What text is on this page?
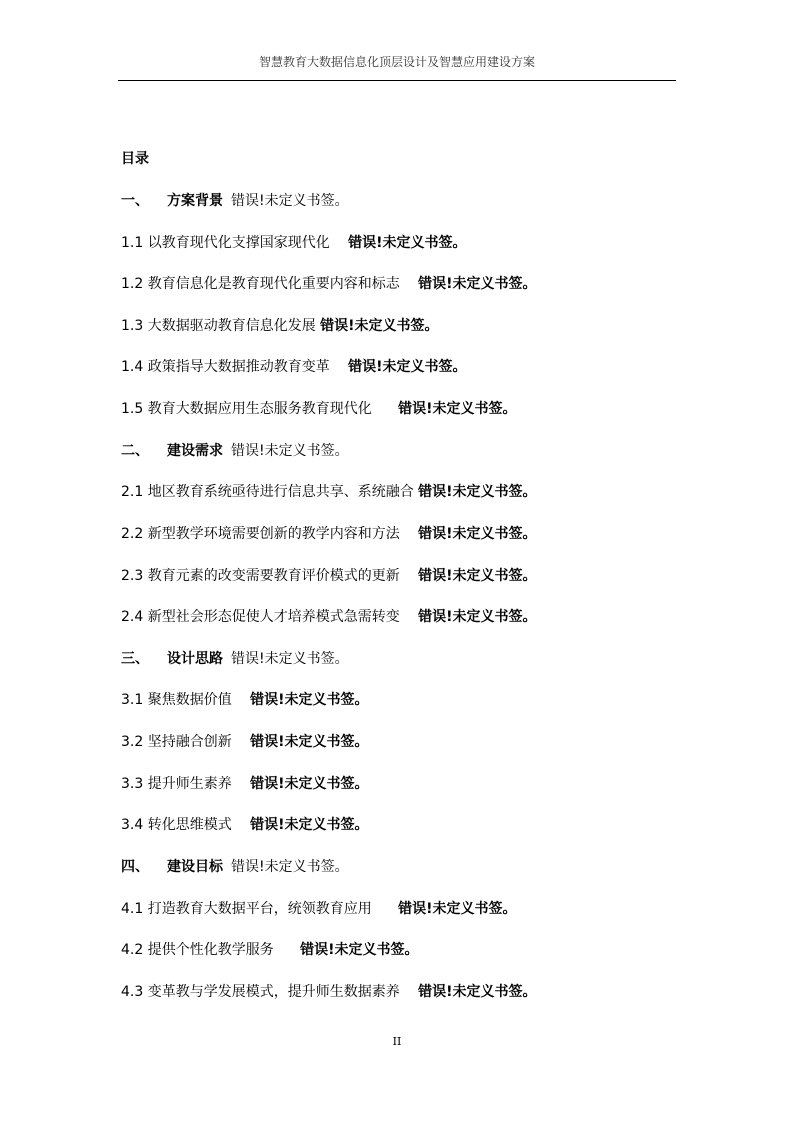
智慧教育大数据信息化顶层设计及智慧应用建设方案
目录
一、 方案背景 错误!未定义书签。
1.1 以教育现代化支撑国家现代化 错误!未定义书签。
1.2 教育信息化是教育现代化重要内容和标志 错误!未定义书签。
1.3 大数据驱动教育信息化发展 错误!未定义书签。
1.4 政策指导大数据推动教育变革 错误!未定义书签。
1.5 教育大数据应用生态服务教育现代化 错误!未定义书签。
二、 建设需求 错误!未定义书签。
2.1 地区教育系统亟待进行信息共享、系统融合 错误!未定义书签。
2.2 新型教学环境需要创新的教学内容和方法 错误!未定义书签。
2.3 教育元素的改变需要教育评价模式的更新 错误!未定义书签。
2.4 新型社会形态促使人才培养模式急需转变 错误!未定义书签。
三、 设计思路 错误!未定义书签。
3.1 聚焦数据价值 错误!未定义书签。
3.2 坚持融合创新 错误!未定义书签。
3.3 提升师生素养 错误!未定义书签。
3.4 转化思维模式 错误!未定义书签。
四、 建设目标 错误!未定义书签。
4.1 打造教育大数据平台，统领教育应用 错误!未定义书签。
4.2 提供个性化教学服务 错误!未定义书签。
4.3 变革教与学发展模式，提升师生数据素养 错误!未定义书签。
II
